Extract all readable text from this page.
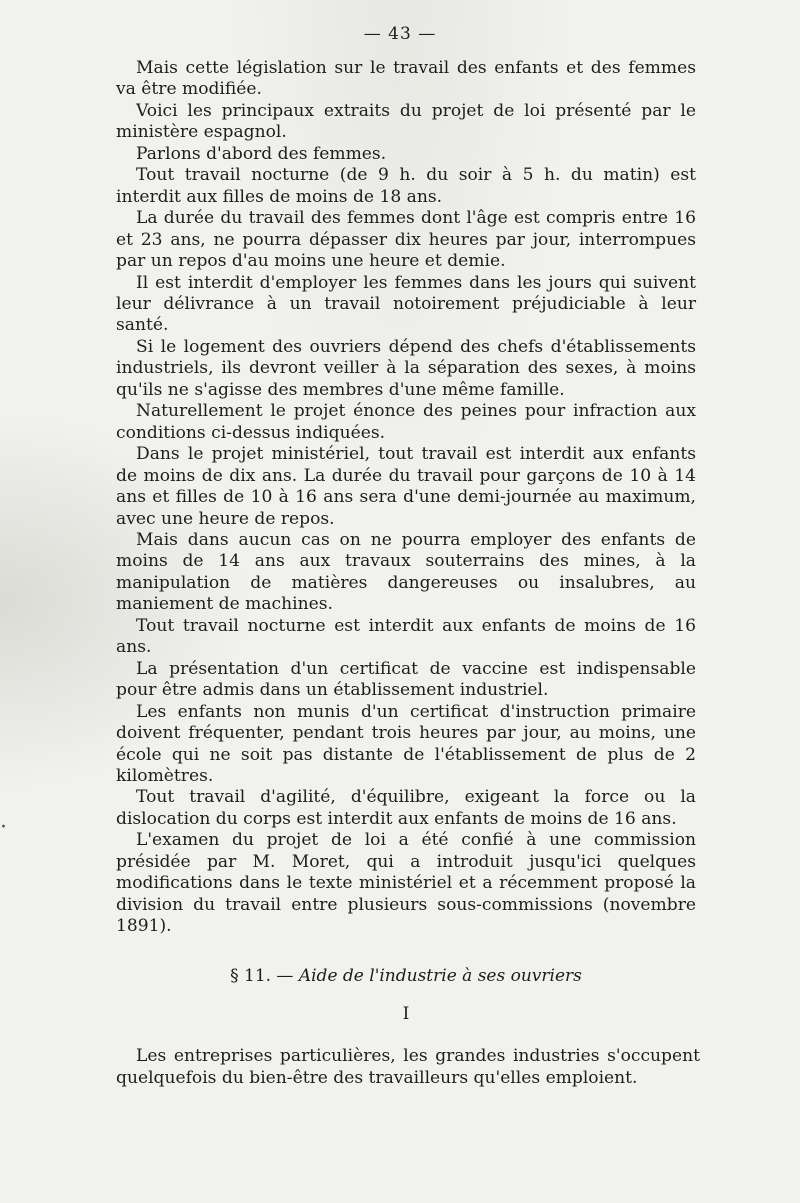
— 43 —

Mais cette législation sur le travail des enfants et des femmes va être modifiée.

Voici les principaux extraits du projet de loi présenté par le ministère espagnol.

Parlons d'abord des femmes.

Tout travail nocturne (de 9 h. du soir à 5 h. du matin) est interdit aux filles de moins de 18 ans.

La durée du travail des femmes dont l'âge est compris entre 16 et 23 ans, ne pourra dépasser dix heures par jour, interrompues par un repos d'au moins une heure et demie.

Il est interdit d'employer les femmes dans les jours qui suivent leur délivrance à un travail notoirement préjudiciable à leur santé.

Si le logement des ouvriers dépend des chefs d'établissements industriels, ils devront veiller à la séparation des sexes, à moins qu'ils ne s'agisse des membres d'une même famille.

Naturellement le projet énonce des peines pour infraction aux conditions ci-dessus indiquées.

Dans le projet ministériel, tout travail est interdit aux enfants de moins de dix ans. La durée du travail pour garçons de 10 à 14 ans et filles de 10 à 16 ans sera d'une demi-journée au maximum, avec une heure de repos.

Mais dans aucun cas on ne pourra employer des enfants de moins de 14 ans aux travaux souterrains des mines, à la manipulation de matières dangereuses ou insalubres, au maniement de machines.

Tout travail nocturne est interdit aux enfants de moins de 16 ans.

La présentation d'un certificat de vaccine est indispensable pour être admis dans un établissement industriel.

Les enfants non munis d'un certificat d'instruction primaire doivent fréquenter, pendant trois heures par jour, au moins, une école qui ne soit pas distante de l'établissement de plus de 2 kilomètres.

Tout travail d'agilité, d'équilibre, exigeant la force ou la dislocation du corps est interdit aux enfants de moins de 16 ans.

L'examen du projet de loi a été confié à une commission présidée par M. Moret, qui a introduit jusqu'ici quelques modifications dans le texte ministériel et a récemment proposé la division du travail entre plusieurs sous-commissions (novembre 1891).

§ 11. — Aide de l'industrie à ses ouvriers
I

Les entreprises particulières, les grandes industries s'occupent quelquefois du bien-être des travailleurs qu'elles emploient.

·
